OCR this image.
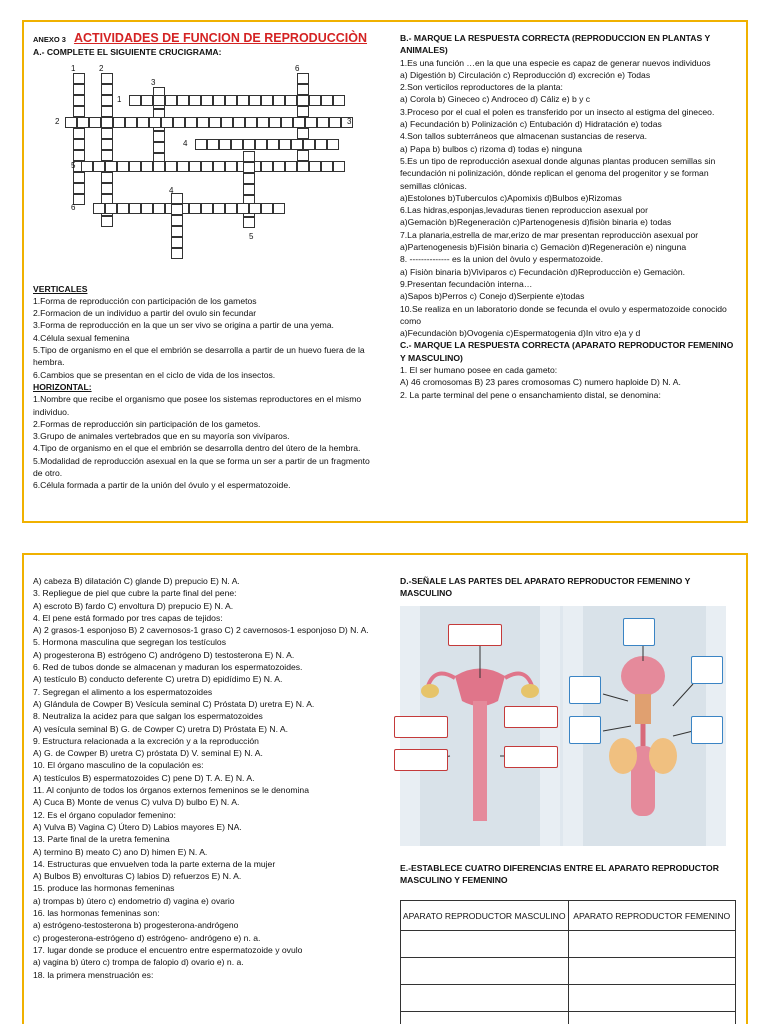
ANEXO 3 ACTIVIDADES DE FUNCION DE REPRODUCCIÒN
A.- COMPLETE EL SIGUIENTE CRUCIGRAMA:
1	2
3
1
6
2	3
4
5
4
6
5
VERTICALES
1.Forma de reproducción con participación de los gametos
2.Formacion de un individuo a partir del ovulo sin fecundar
3.Forma de reproducción en la que un ser vivo se origina a partir de una yema.
4.Célula sexual femenina
5.Tipo de organismo en el que el embrión se desarrolla a partir de un huevo fuera de la hembra.
6.Cambios que se presentan en el ciclo de vida de los insectos.
HORIZONTAL:
1.Nombre que recibe el organismo que posee los sistemas reproductores en el mismo individuo.
2.Formas de reproducción sin participación de los gametos.
3.Grupo de animales vertebrados que en su mayoría son vivíparos.
4.Tipo de organismo en el que el embrión se desarrolla dentro del útero de la hembra.
5.Modalidad de reproducción asexual en la que se forma un ser a partir de un fragmento de otro.
6.Célula formada a partir de la unión del óvulo y el espermatozoide.
B.- MARQUE LA RESPUESTA CORRECTA (REPRODUCCION EN PLANTAS Y ANIMALES)
1.Es una función …en la que una especie es capaz de generar nuevos individuos
a) Digestión b) Circulación c) Reproducción d) excreción e) Todas
2.Son verticilos reproductores de la planta:
a) Corola b) Gineceo c) Androceo d) Cáliz e) b y c
3.Proceso por el cual el polen es transferido por un insecto al estigma del gineceo.
a) Fecundación b) Polinización c) Entubación d) Hidratación e) todas
4.Son tallos subterráneos que almacenan sustancias de reserva.
a) Papa b) bulbos c) rizoma d) todas e) ninguna
5.Es un tipo de reproducción asexual donde algunas plantas producen semillas sin fecundación ni polinización, dónde replican el genoma del progenitor y se forman semillas clónicas.
a)Estolones b)Tuberculos c)Apomixis d)Bulbos e)Rizomas
6.Las hidras,esponjas,levaduras tienen reproduccion asexual por
a)Gemaciòn b)Regeneraciòn c)Partenogenesis d)fisiòn binaria e) todas
7.La planaria,estrella de mar,erizo de mar presentan reproducciòn asexual por
a)Partenogenesis b)Fisiòn binaria c) Gemaciòn d)Regeneraciòn e) ninguna
8. -------------- es la union del òvulo y espermatozoide.
a) Fisiòn binaria b)Vivìparos c) Fecundaciòn d)Reproducciòn e) Gemaciòn.
9.Presentan fecundaciòn interna…
a)Sapos b)Perros c) Conejo d)Serpiente e)todas
10.Se realiza en un laboratorio donde se fecunda el ovulo y espermatozoide conocido como
a)Fecundaciòn b)Ovogenia c)Espermatogenia d)In vitro e)a y d
C.- MARQUE LA RESPUESTA CORRECTA (APARATO REPRODUCTOR FEMENINO Y MASCULINO)
1. El ser humano posee en cada gameto:
A) 46 cromosomas B) 23 pares cromosomas C) numero haploide D) N. A.
2. La parte terminal del pene o ensanchamiento distal, se denomina:
A) cabeza B) dilatación C) glande D) prepucio E) N. A.
3. Repliegue de piel que cubre la parte final del pene:
A) escroto B) fardo C) envoltura D) prepucio E) N. A.
4. El pene está formado por tres capas de tejidos:
A) 2 grasos-1 esponjoso B) 2 cavernosos-1 graso C) 2 cavernosos-1 esponjoso D) N. A.
5. Hormona masculina que segregan los testículos
A) progesterona B) estrógeno C) andrógeno D) testosterona E) N. A.
6. Red de tubos donde se almacenan y maduran los espermatozoides.
A) testículo B) conducto deferente C) uretra D) epidídimo E) N. A.
7. Segregan el alimento a los espermatozoides
A) Glándula de Cowper B) Vesícula seminal C) Próstata D) uretra E) N. A.
8. Neutraliza la acidez para que salgan los espermatozoides
A) vesícula seminal B) G. de Cowper C) uretra D) Próstata E) N. A.
9. Estructura relacionada a la excreción y a la reproducción
A) G. de Cowper B) uretra C) próstata D) V. seminal E) N. A.
10. El órgano masculino de la copulación es:
A) testículos B) espermatozoides C) pene D) T. A. E) N. A.
11. Al conjunto de todos los órganos externos femeninos se le denomina
A) Cuca B) Monte de venus C) vulva D) bulbo E) N. A.
12. Es el órgano copulador femenino:
A) Vulva B) Vagina C) Útero D) Labios mayores E) NA.
13. Parte final de la uretra femenina
A) termino B) meato C) ano D) himen E) N. A.
14. Estructuras que envuelven toda la parte externa de la mujer
A) Bulbos B) envolturas C) labios D) refuerzos E) N. A.
15. produce las hormonas femeninas
a) trompas b) útero c) endometrio d) vagina e) ovario
16. las hormonas femeninas son:
a) estrógeno-testosterona b) progesterona-andrógeno
c) progesterona-estrógeno d) estrógeno- andrógeno e) n. a.
17. lugar donde se produce el encuentro entre espermatozoide y ovulo
a) vagina b) útero c) trompa de falopio d) ovario e) n. a.
18. la primera menstruación es:
D.-SEÑALE LAS PARTES DEL APARATO REPRODUCTOR FEMENINO Y MASCULINO
E.-ESTABLECE CUATRO DIFERENCIAS ENTRE EL APARATO REPRODUCTOR MASCULINO Y FEMENINO
APARATO REPRODUCTOR MASCULINO	APARATO REPRODUCTOR FEMENINO
